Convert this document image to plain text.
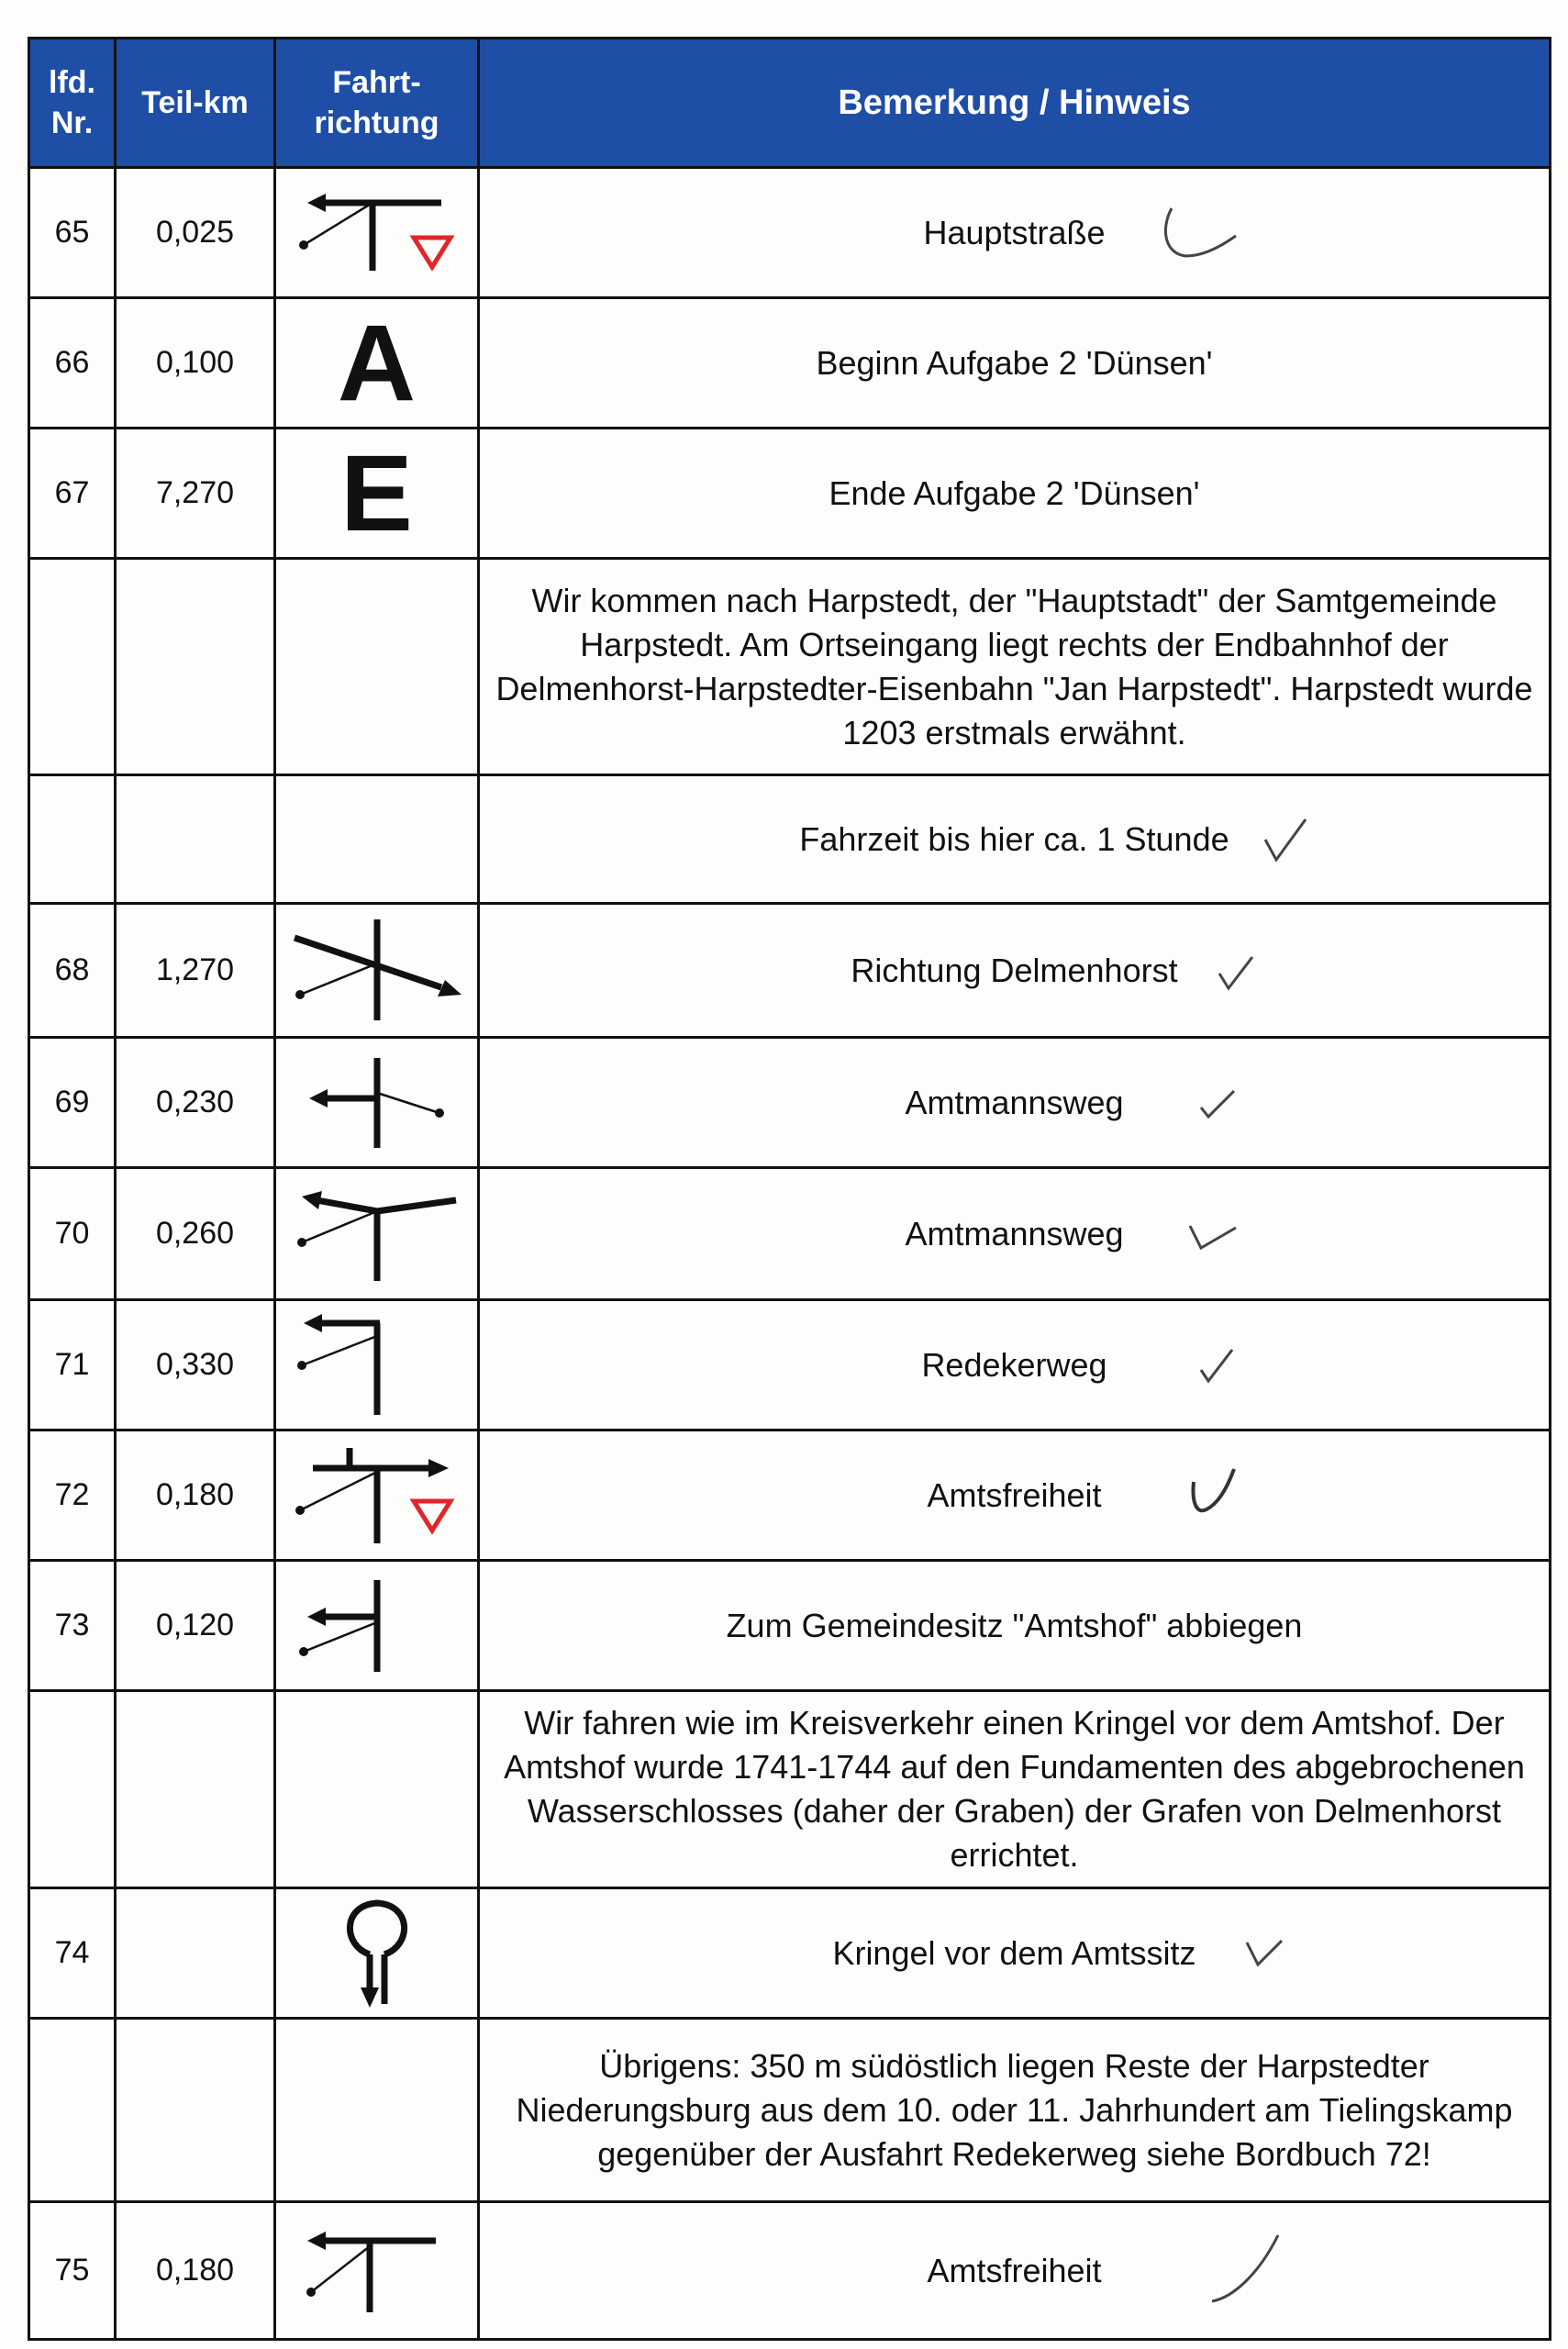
lfd. Nr.	Teil-km	Fahrt-richtung	Bemerkung / Hinweis
65	0,025		Hauptstraße

66	0,100	A	Beginn Aufgabe 2 'Dünsen'
67	7,270	E	Ende Aufgabe 2 'Dünsen'
			Wir kommen nach Harpstedt, der "Hauptstadt" der Samtgemeinde Harpstedt. Am Ortseingang liegt rechts der Endbahnhof der Delmenhorst-Harpstedter-Eisenbahn "Jan Harpstedt". Harpstedt wurde 1203 erstmals erwähnt.
			Fahrzeit bis hier ca. 1 Stunde

68	1,270		Richtung Delmenhorst

69	0,230		Amtmannsweg

70	0,260		Amtmannsweg

71	0,330		Redekerweg

72	0,180		Amtsfreiheit

73	0,120		Zum Gemeindesitz "Amtshof" abbiegen
			Wir fahren wie im Kreisverkehr einen Kringel vor dem Amtshof. Der Amtshof wurde 1741-1744 auf den Fundamenten des abgebrochenen Wasserschlosses (daher der Graben) der Grafen von Delmenhorst errichtet.
74			Kringel vor dem Amtssitz

			Übrigens: 350 m südöstlich liegen Reste der Harpstedter Niederungsburg aus dem 10. oder 11. Jahrhundert am Tielingskamp gegenüber der Ausfahrt Redekerweg siehe Bordbuch 72!
75	0,180		Amtsfreiheit
